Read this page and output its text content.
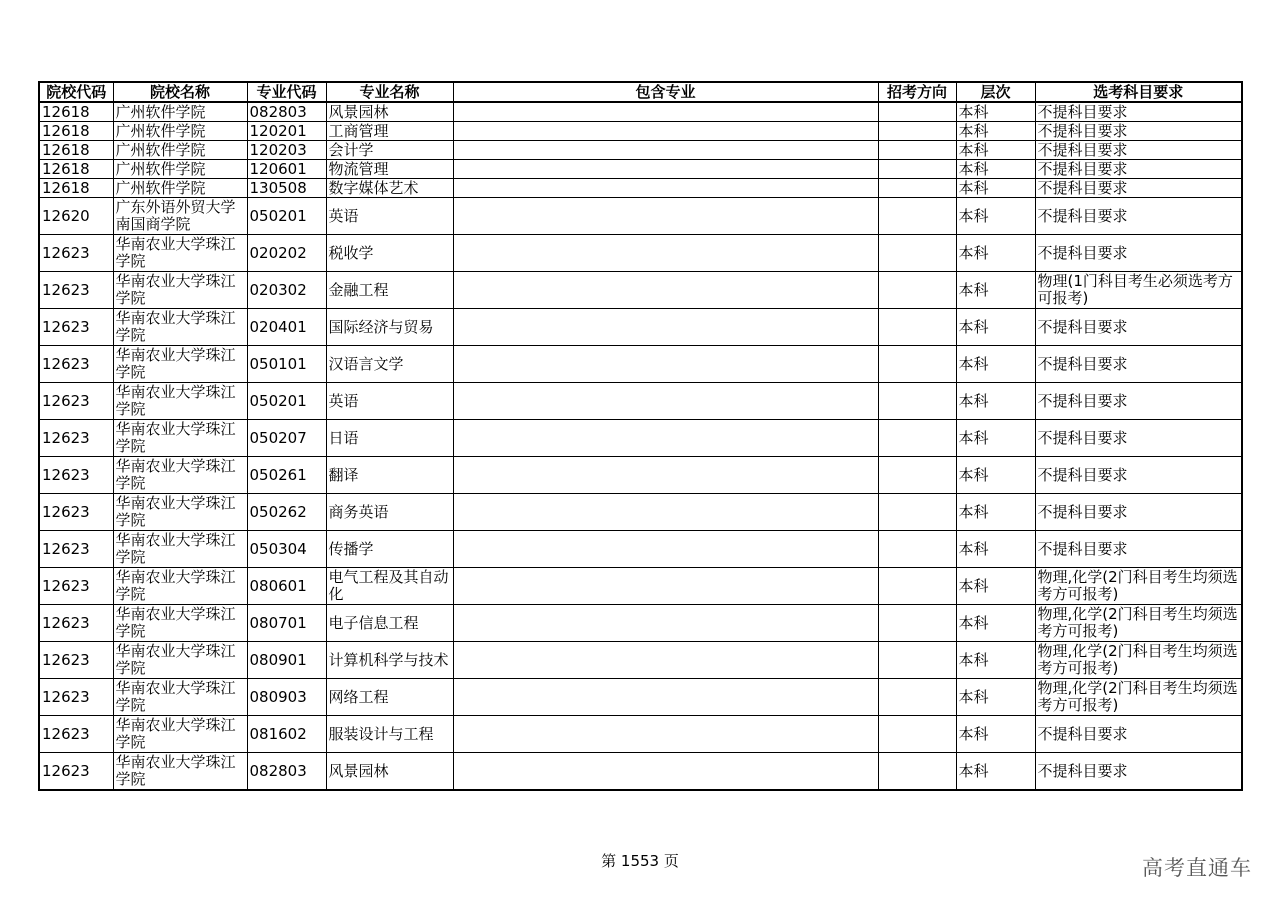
院校代码	院校名称	专业代码	专业名称	包含专业	招考方向	层次	选考科目要求
12618	广州软件学院	082803	风景园林			本科	不提科目要求
12618	广州软件学院	120201	工商管理			本科	不提科目要求
12618	广州软件学院	120203	会计学			本科	不提科目要求
12618	广州软件学院	120601	物流管理			本科	不提科目要求
12618	广州软件学院	130508	数字媒体艺术			本科	不提科目要求
12620	广东外语外贸大学南国商学院	050201	英语			本科	不提科目要求
12623	华南农业大学珠江学院	020202	税收学			本科	不提科目要求
12623	华南农业大学珠江学院	020302	金融工程			本科	物理(1门科目考生必须选考方可报考)
12623	华南农业大学珠江学院	020401	国际经济与贸易			本科	不提科目要求
12623	华南农业大学珠江学院	050101	汉语言文学			本科	不提科目要求
12623	华南农业大学珠江学院	050201	英语			本科	不提科目要求
12623	华南农业大学珠江学院	050207	日语			本科	不提科目要求
12623	华南农业大学珠江学院	050261	翻译			本科	不提科目要求
12623	华南农业大学珠江学院	050262	商务英语			本科	不提科目要求
12623	华南农业大学珠江学院	050304	传播学			本科	不提科目要求
12623	华南农业大学珠江学院	080601	电气工程及其自动化			本科	物理,化学(2门科目考生均须选考方可报考)
12623	华南农业大学珠江学院	080701	电子信息工程			本科	物理,化学(2门科目考生均须选考方可报考)
12623	华南农业大学珠江学院	080901	计算机科学与技术			本科	物理,化学(2门科目考生均须选考方可报考)
12623	华南农业大学珠江学院	080903	网络工程			本科	物理,化学(2门科目考生均须选考方可报考)
12623	华南农业大学珠江学院	081602	服装设计与工程			本科	不提科目要求
12623	华南农业大学珠江学院	082803	风景园林			本科	不提科目要求
第 1553 页	高考直通车
